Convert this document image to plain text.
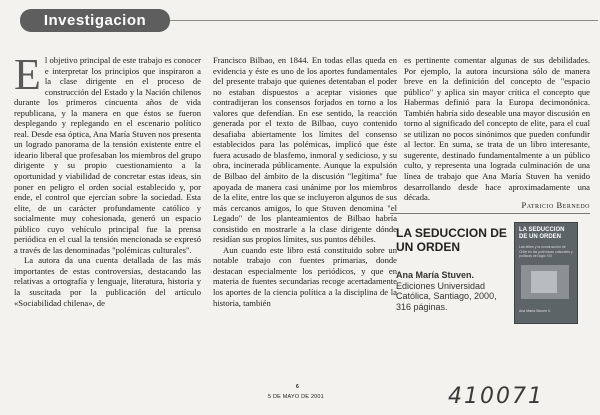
Investigacion
E l objetivo principal de este trabajo es conocer e interpretar los principios que inspiraron a la clase dirigente en el proceso de construcción del Estado y la Nación chilenos durante los primeros cincuenta años de vida republicana, y la manera en que éstos se fueron desplegando y replegando en el escenario político real. Desde esa óptica, Ana María Stuven nos presenta un logrado panorama de la tensión existente entre el ideario liberal que profesaban los miembros del grupo dirigente y su propio cuestionamiento a la oportunidad y viabilidad de concretar estas ideas, sin poner en peligro el orden social establecido y, por ende, el control que ejercían sobre la sociedad. Esta elite, de un carácter profundamente católico y socialmente muy cohesionada, generó un espacio público cuyo vehículo principal fue la prensa periódica en el cual la tensión mencionada se expresó a través de las denominadas "polémicas culturales".

La autora da una cuenta detallada de las más importantes de estas controversias, destacando las relativas a ortografía y lenguaje, literatura, historia y la suscitada por la publicación del artículo «Sociabilidad chilena», de

Francisco Bilbao, en 1844. En todas ellas queda en evidencia y éste es uno de los aportes fundamentales del presente trabajo que quienes detentaban el poder no estaban dispuestos a aceptar visiones que contradijeran los consensos forjados en torno a los valores que defendían. En ese sentido, la reacción generada por el texto de Bilbao, cuyo contenido desafiaba abiertamente los límites del consenso establecidos para las polémicas, implicó que éste fuera acusado de blasfemo, inmoral y sedicioso, y su obra, incinerada públicamente. Aunque la expulsión de Bilbao del ámbito de la discusión "legítima" fue apoyada de manera casi unánime por los miembros de la elite, entre los que se incluyeron algunos de sus más cercanos amigos, lo que Stuven denomina "el Legado" de los planteamientos de Bilbao habría consistido en mostrarle a la clase dirigente dónde residían sus propios límites, sus puntos débiles.

Aun cuando este libro está constituido sobre un notable trabajo con fuentes primarias, donde destacan especialmente los periódicos, y que en materia de fuentes secundarias recoge acertadamente los aportes de la ciencia política a la disciplina de la historia, también

es pertinente comentar algunas de sus debilidades. Por ejemplo, la autora incursiona sólo de manera breve en la definición del concepto de "espacio público" y aplica sin mayor crítica el concepto que Habermas definió para la Europa decimonónica. También habría sido deseable una mayor discusión en torno al significado del concepto de elite, para el cual se utilizan no pocos sinónimos que pueden confundir al lector. En suma, se trata de un libro interesante, sugerente, destinado fundamentalmente a un público culto, y representa una lograda culminación de una línea de trabajo que Ana María Stuven ha venido desarrollando desde hace aproximadamente una década.

Patricio Bernedo
LA SEDUCCION DE UN ORDEN
Ana María Stuven. Ediciones Universidad Católica, Santiago, 2000, 316 páginas.
LA SEDUCCION DE UN ORDEN
Las elites y la construcción de Chile en las polémicas culturales y políticas del siglo XIX
Ana María Stuven V.
6
5 DE MAYO DE 2001	410071
